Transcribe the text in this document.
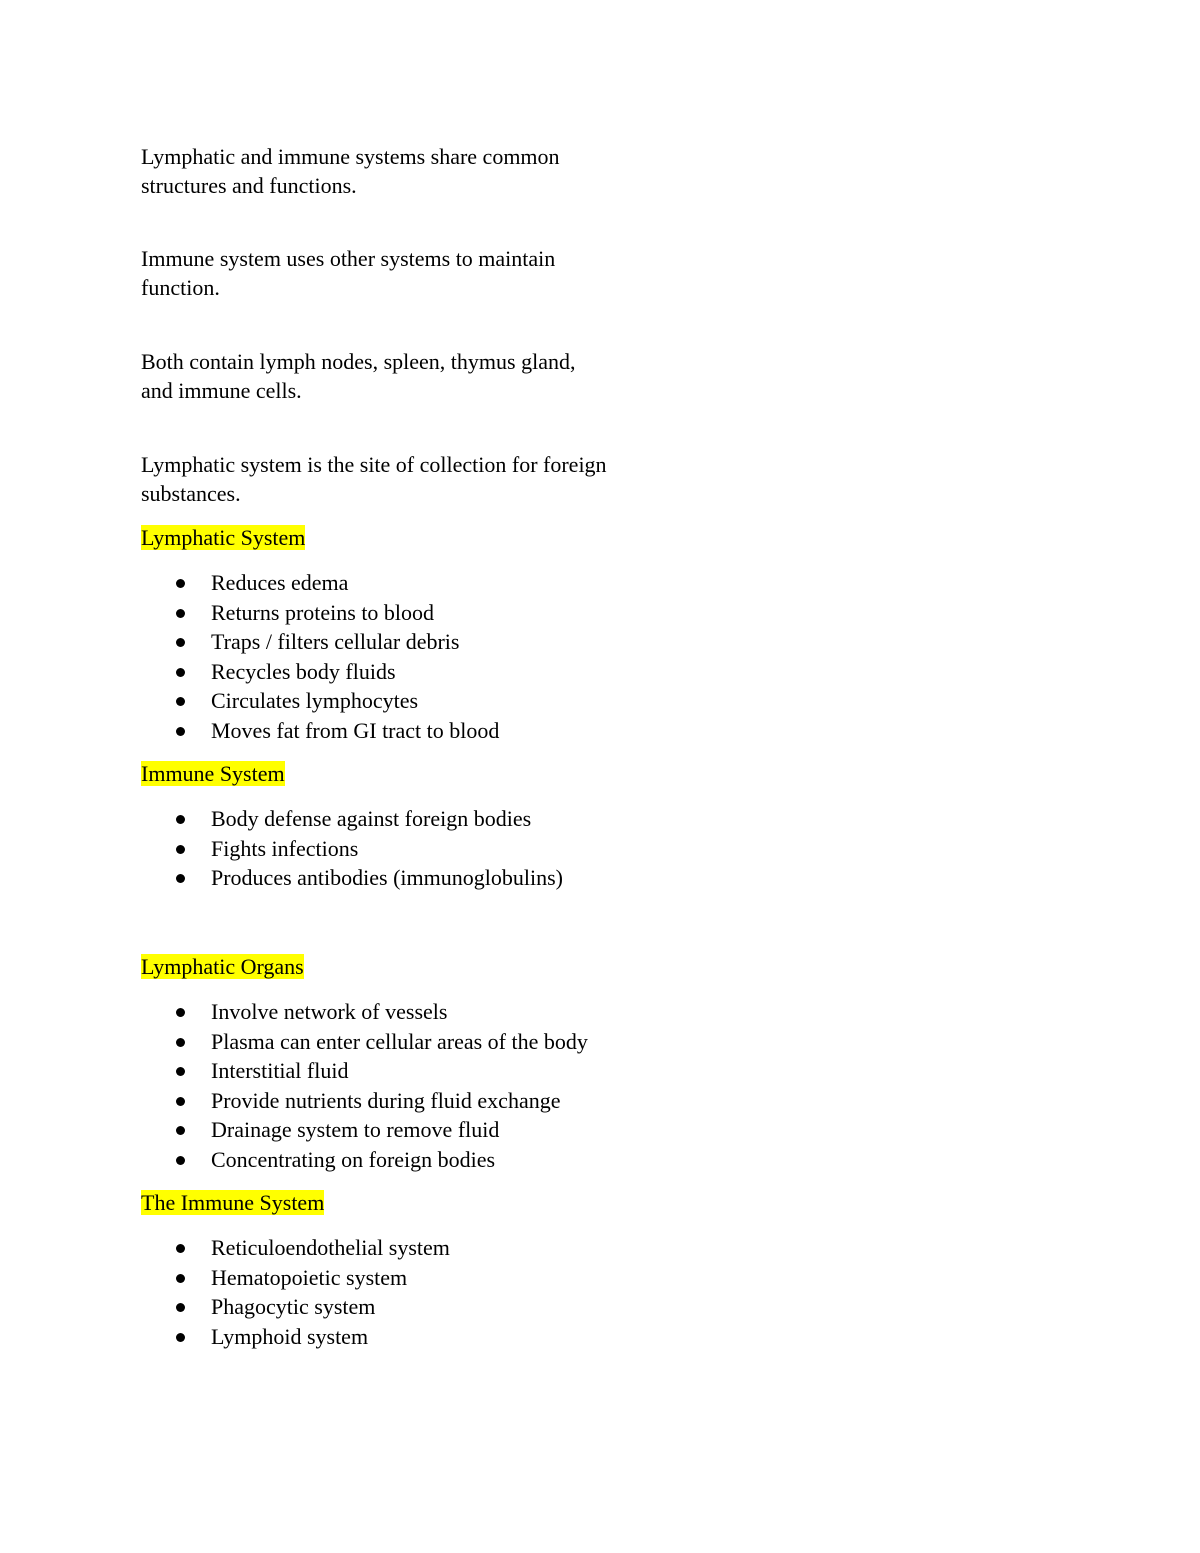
Lymphatic and immune systems share common structures and functions.

Immune system uses other systems to maintain function.

Both contain lymph nodes, spleen, thymus gland, and immune cells.

Lymphatic system is the site of collection for foreign substances.

Lymphatic System
Reduces edema
Returns proteins to blood
Traps / filters cellular debris
Recycles body fluids
Circulates lymphocytes
Moves fat from GI tract to blood
Immune System
Body defense against foreign bodies
Fights infections
Produces antibodies (immunoglobulins)
Lymphatic Organs
Involve network of vessels
Plasma can enter cellular areas of the body
Interstitial fluid
Provide nutrients during fluid exchange
Drainage system to remove fluid
Concentrating on foreign bodies
The Immune System
Reticuloendothelial system
Hematopoietic system
Phagocytic system
Lymphoid system
